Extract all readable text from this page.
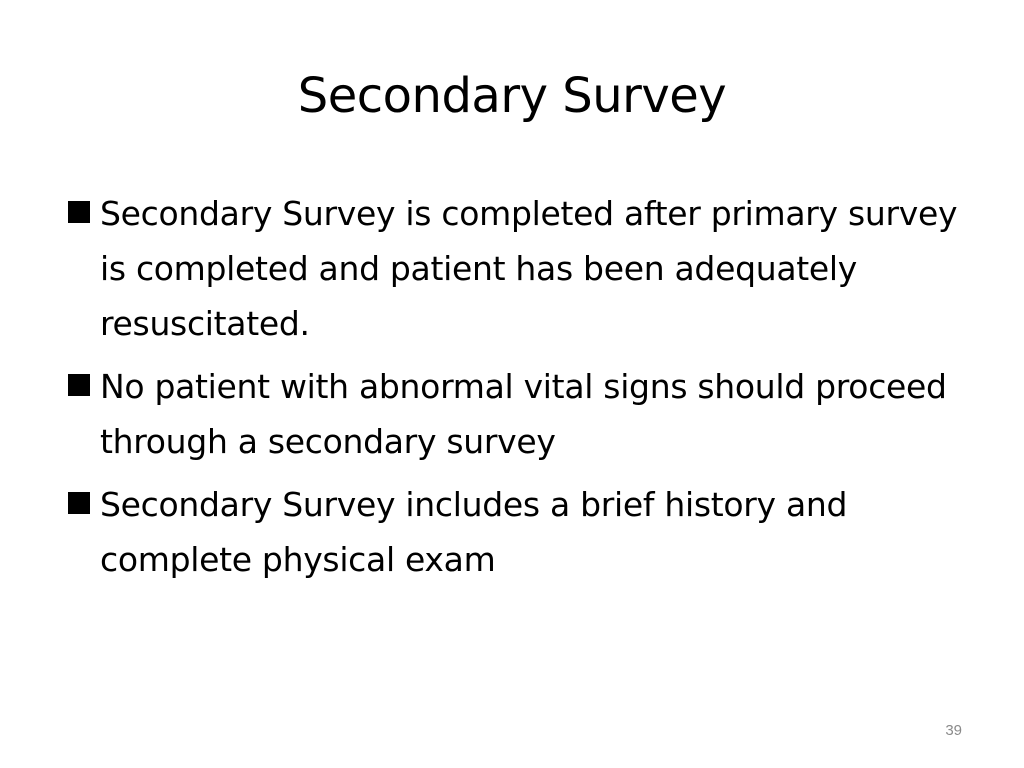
Secondary Survey
Secondary Survey is completed after primary survey is completed and patient has been adequately resuscitated.
No patient with abnormal vital signs should proceed through a secondary survey
Secondary Survey includes a brief history and complete physical exam
39
